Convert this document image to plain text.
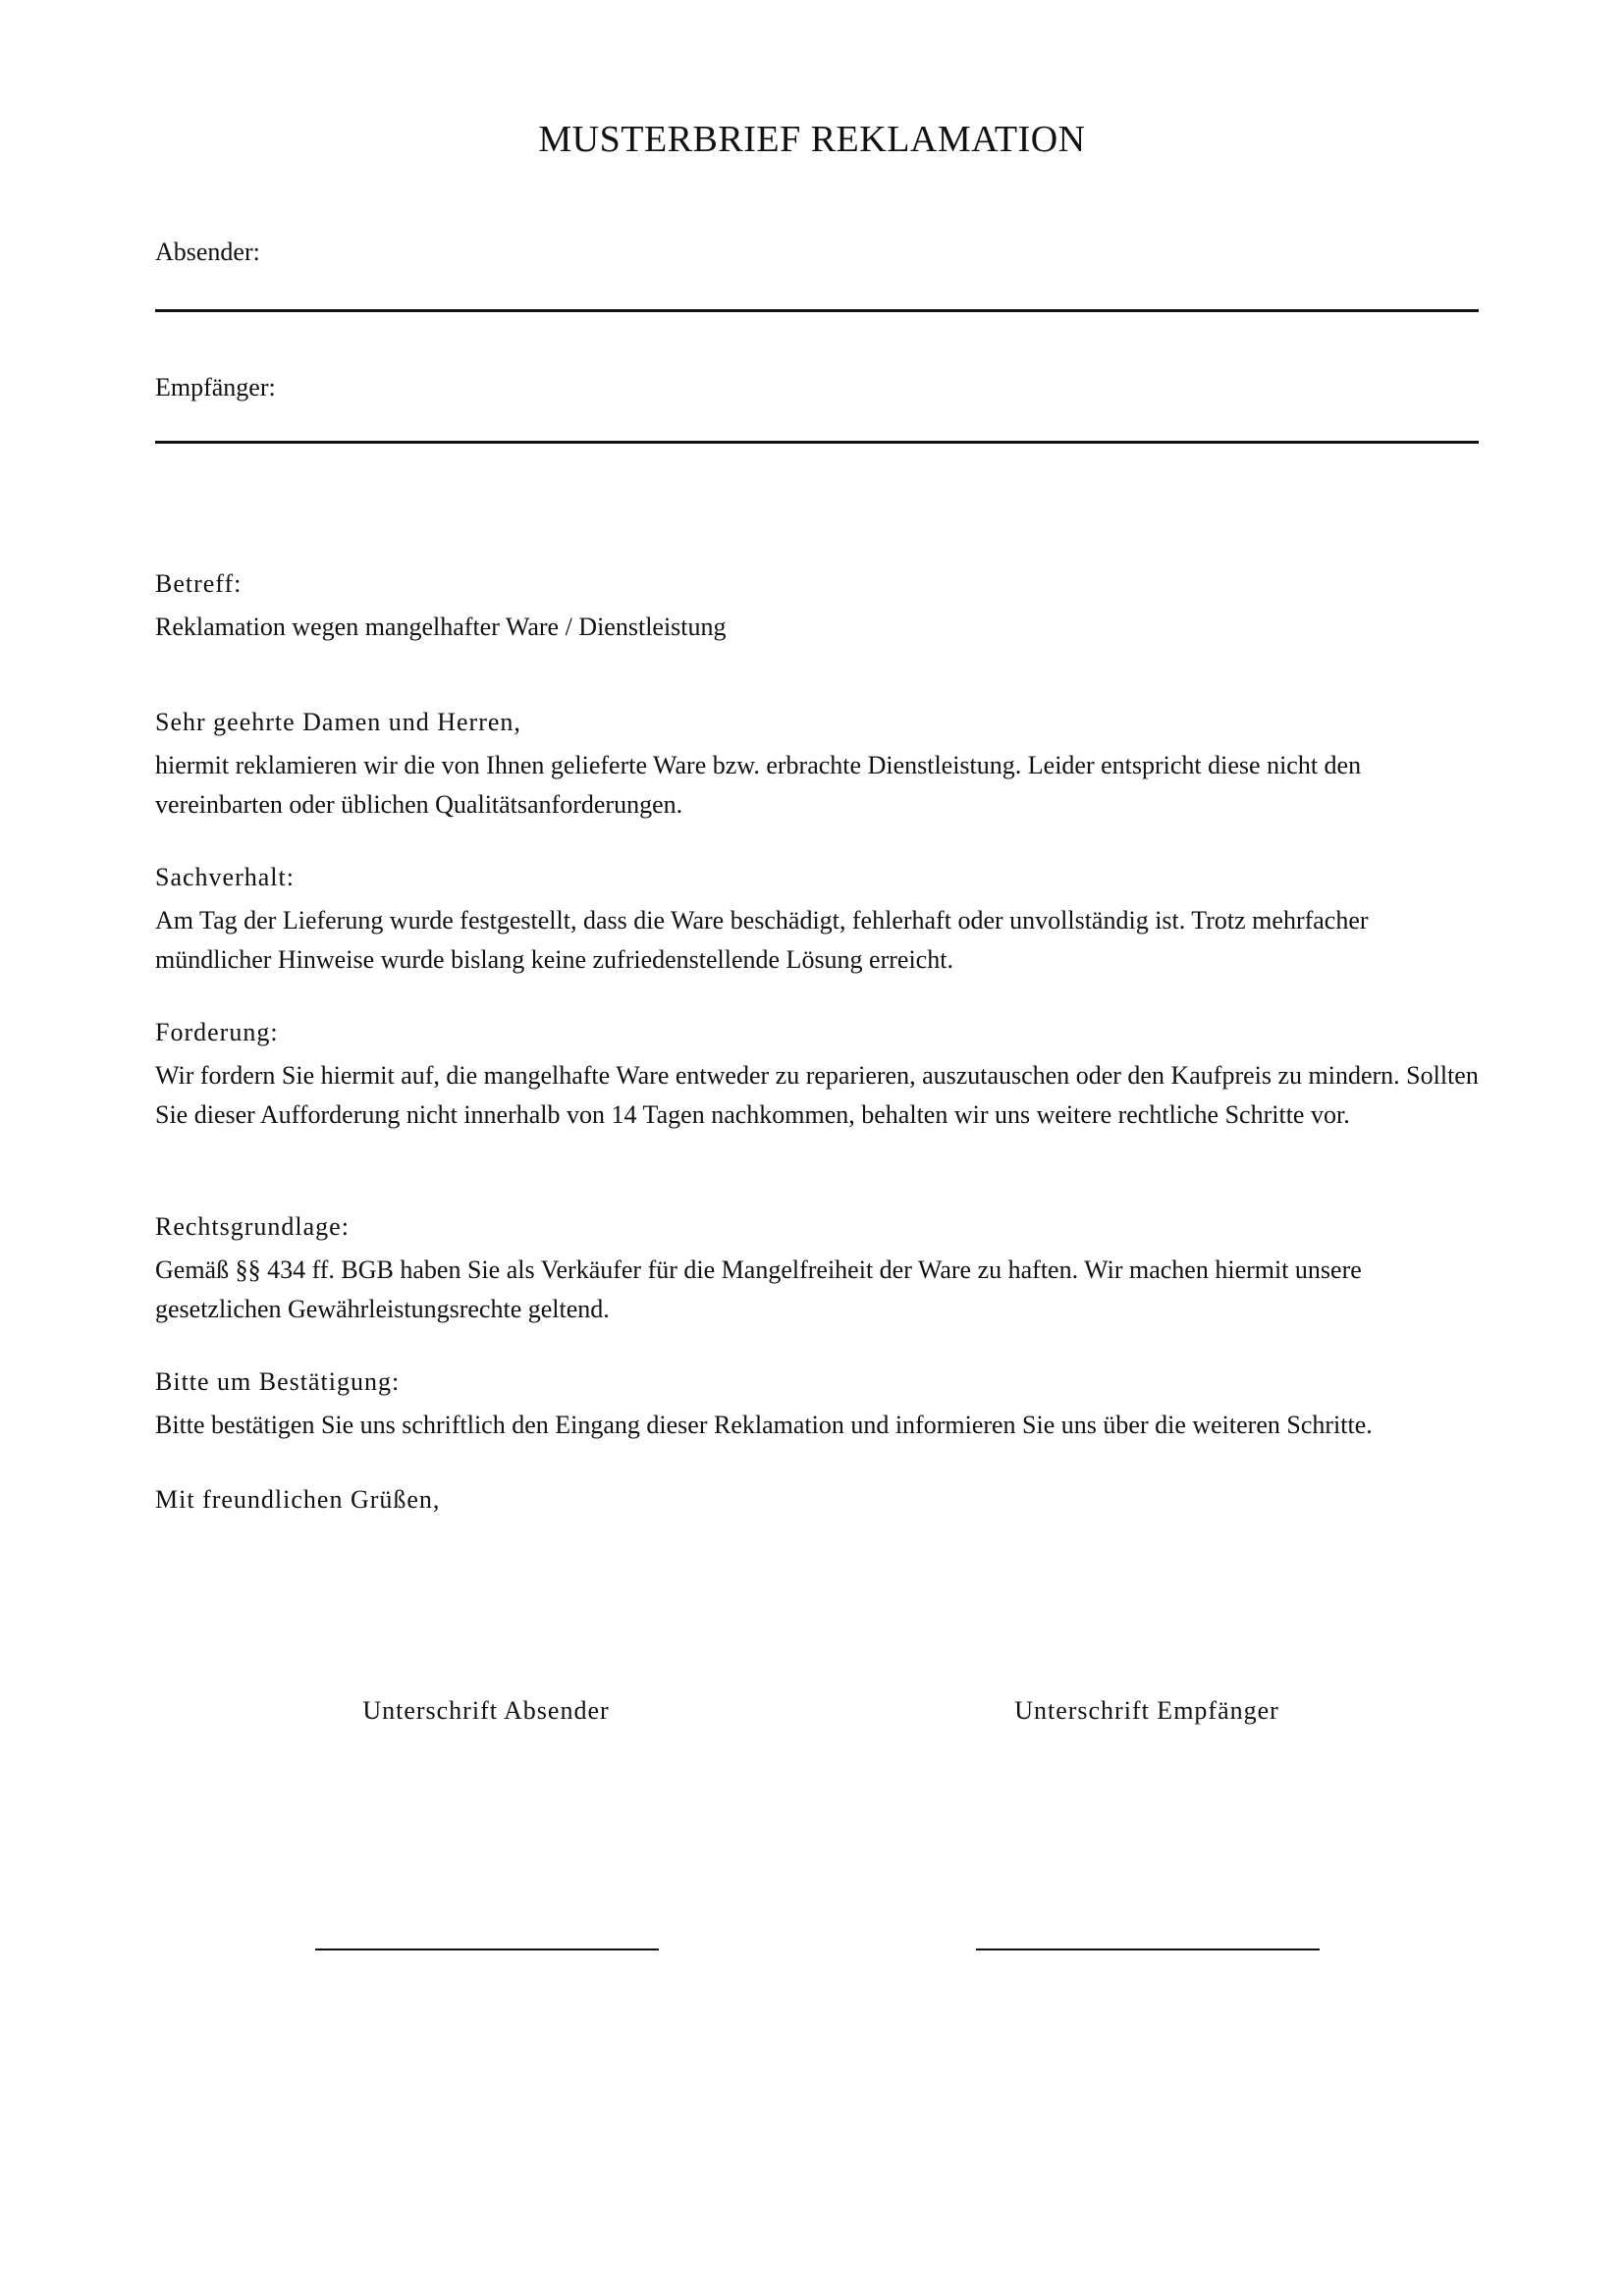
MUSTERBRIEF REKLAMATION
Absender:
Empfänger:

Betreff:

Reklamation wegen mangelhafter Ware / Dienstleistung

Sehr geehrte Damen und Herren,

hiermit reklamieren wir die von Ihnen gelieferte Ware bzw. erbrachte Dienstleistung. Leider entspricht diese nicht den vereinbarten oder üblichen Qualitätsanforderungen.

Sachverhalt:

Am Tag der Lieferung wurde festgestellt, dass die Ware beschädigt, fehlerhaft oder unvollständig ist. Trotz mehrfacher mündlicher Hinweise wurde bislang keine zufriedenstellende Lösung erreicht.

Forderung:

Wir fordern Sie hiermit auf, die mangelhafte Ware entweder zu reparieren, auszutauschen oder den Kaufpreis zu mindern. Sollten Sie dieser Aufforderung nicht innerhalb von 14 Tagen nachkommen, behalten wir uns weitere rechtliche Schritte vor.

Rechtsgrundlage:

Gemäß §§ 434 ff. BGB haben Sie als Verkäufer für die Mangelfreiheit der Ware zu haften. Wir machen hiermit unsere gesetzlichen Gewährleistungsrechte geltend.

Bitte um Bestätigung:

Bitte bestätigen Sie uns schriftlich den Eingang dieser Reklamation und informieren Sie uns über die weiteren Schritte.

Mit freundlichen Grüßen,

Unterschrift Absender	Unterschrift Empfänger
